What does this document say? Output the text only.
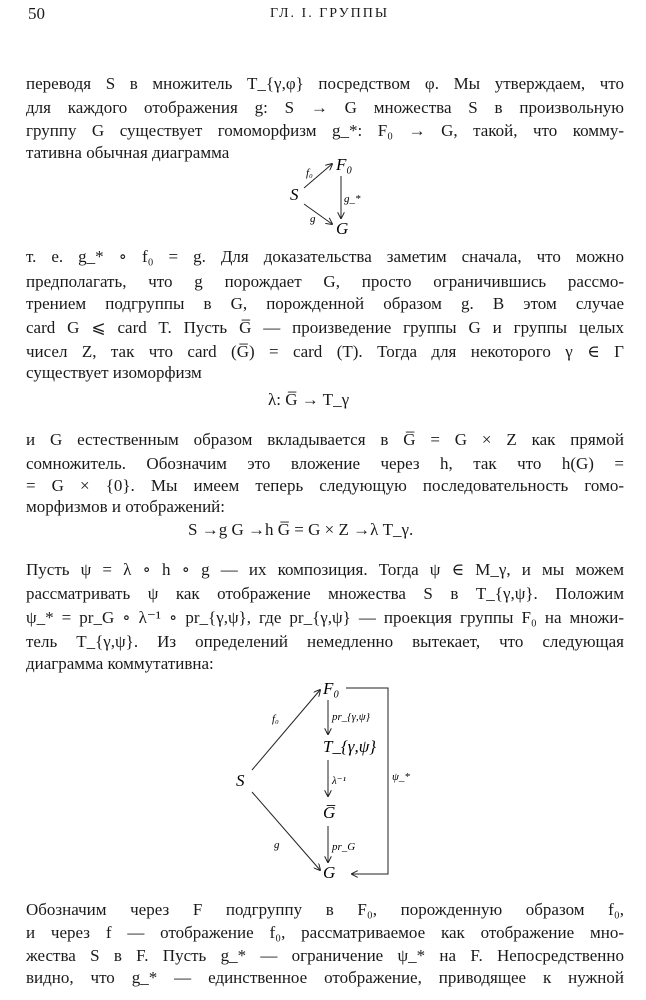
50	ГЛ. I. ГРУППЫ
переводя S в множитель T_{γ,φ} посредством φ. Мы утверждаем, что
для каждого отображения g: S → G множества S в произвольную
группу G существует гомоморфизм g_*: F₀ → G, такой, что комму-
тативна обычная диаграмма
S
F₀
G
f₀
g_*
g
т. е. g_* ∘ f₀ = g. Для доказательства заметим сначала, что можно
предполагать, что g порождает G, просто ограничившись рассмо-
трением подгруппы в G, порожденной образом g. В этом случае
card G ⩽ card T. Пусть G̅ — произведение группы G и группы целых
чисел Z, так что card (G̅) = card (T). Тогда для некоторого γ ∈ Γ
существует изоморфизм
λ: G̅ → T_γ
и G естественным образом вкладывается в G̅ = G × Z как прямой
сомножитель. Обозначим это вложение через h, так что h(G) =
= G × {0}. Мы имеем теперь следующую последовательность гомо-
морфизмов и отображений:
S →g G →h G̅ = G × Z →λ T_γ.
Пусть ψ = λ ∘ h ∘ g — их композиция. Тогда ψ ∈ M_γ, и мы можем
рассматривать ψ как отображение множества S в T_{γ,ψ}. Положим
ψ_* = pr_G ∘ λ⁻¹ ∘ pr_{γ,ψ}, где pr_{γ,ψ} — проекция группы F₀ на множи-
тель T_{γ,ψ}. Из определений немедленно вытекает, что следующая
диаграмма коммутативна:
F₀
T_{γ,ψ}
G̅
G
S
pr_{γ,ψ}
λ⁻¹
pr_G
f₀
g
ψ_*
Обозначим через F подгруппу в F₀, порожденную образом f₀,
и через f — отображение f₀, рассматриваемое как отображение мно-
жества S в F. Пусть g_* — ограничение ψ_* на F. Непосредственно
видно, что g_* — единственное отображение, приводящее к нужной
